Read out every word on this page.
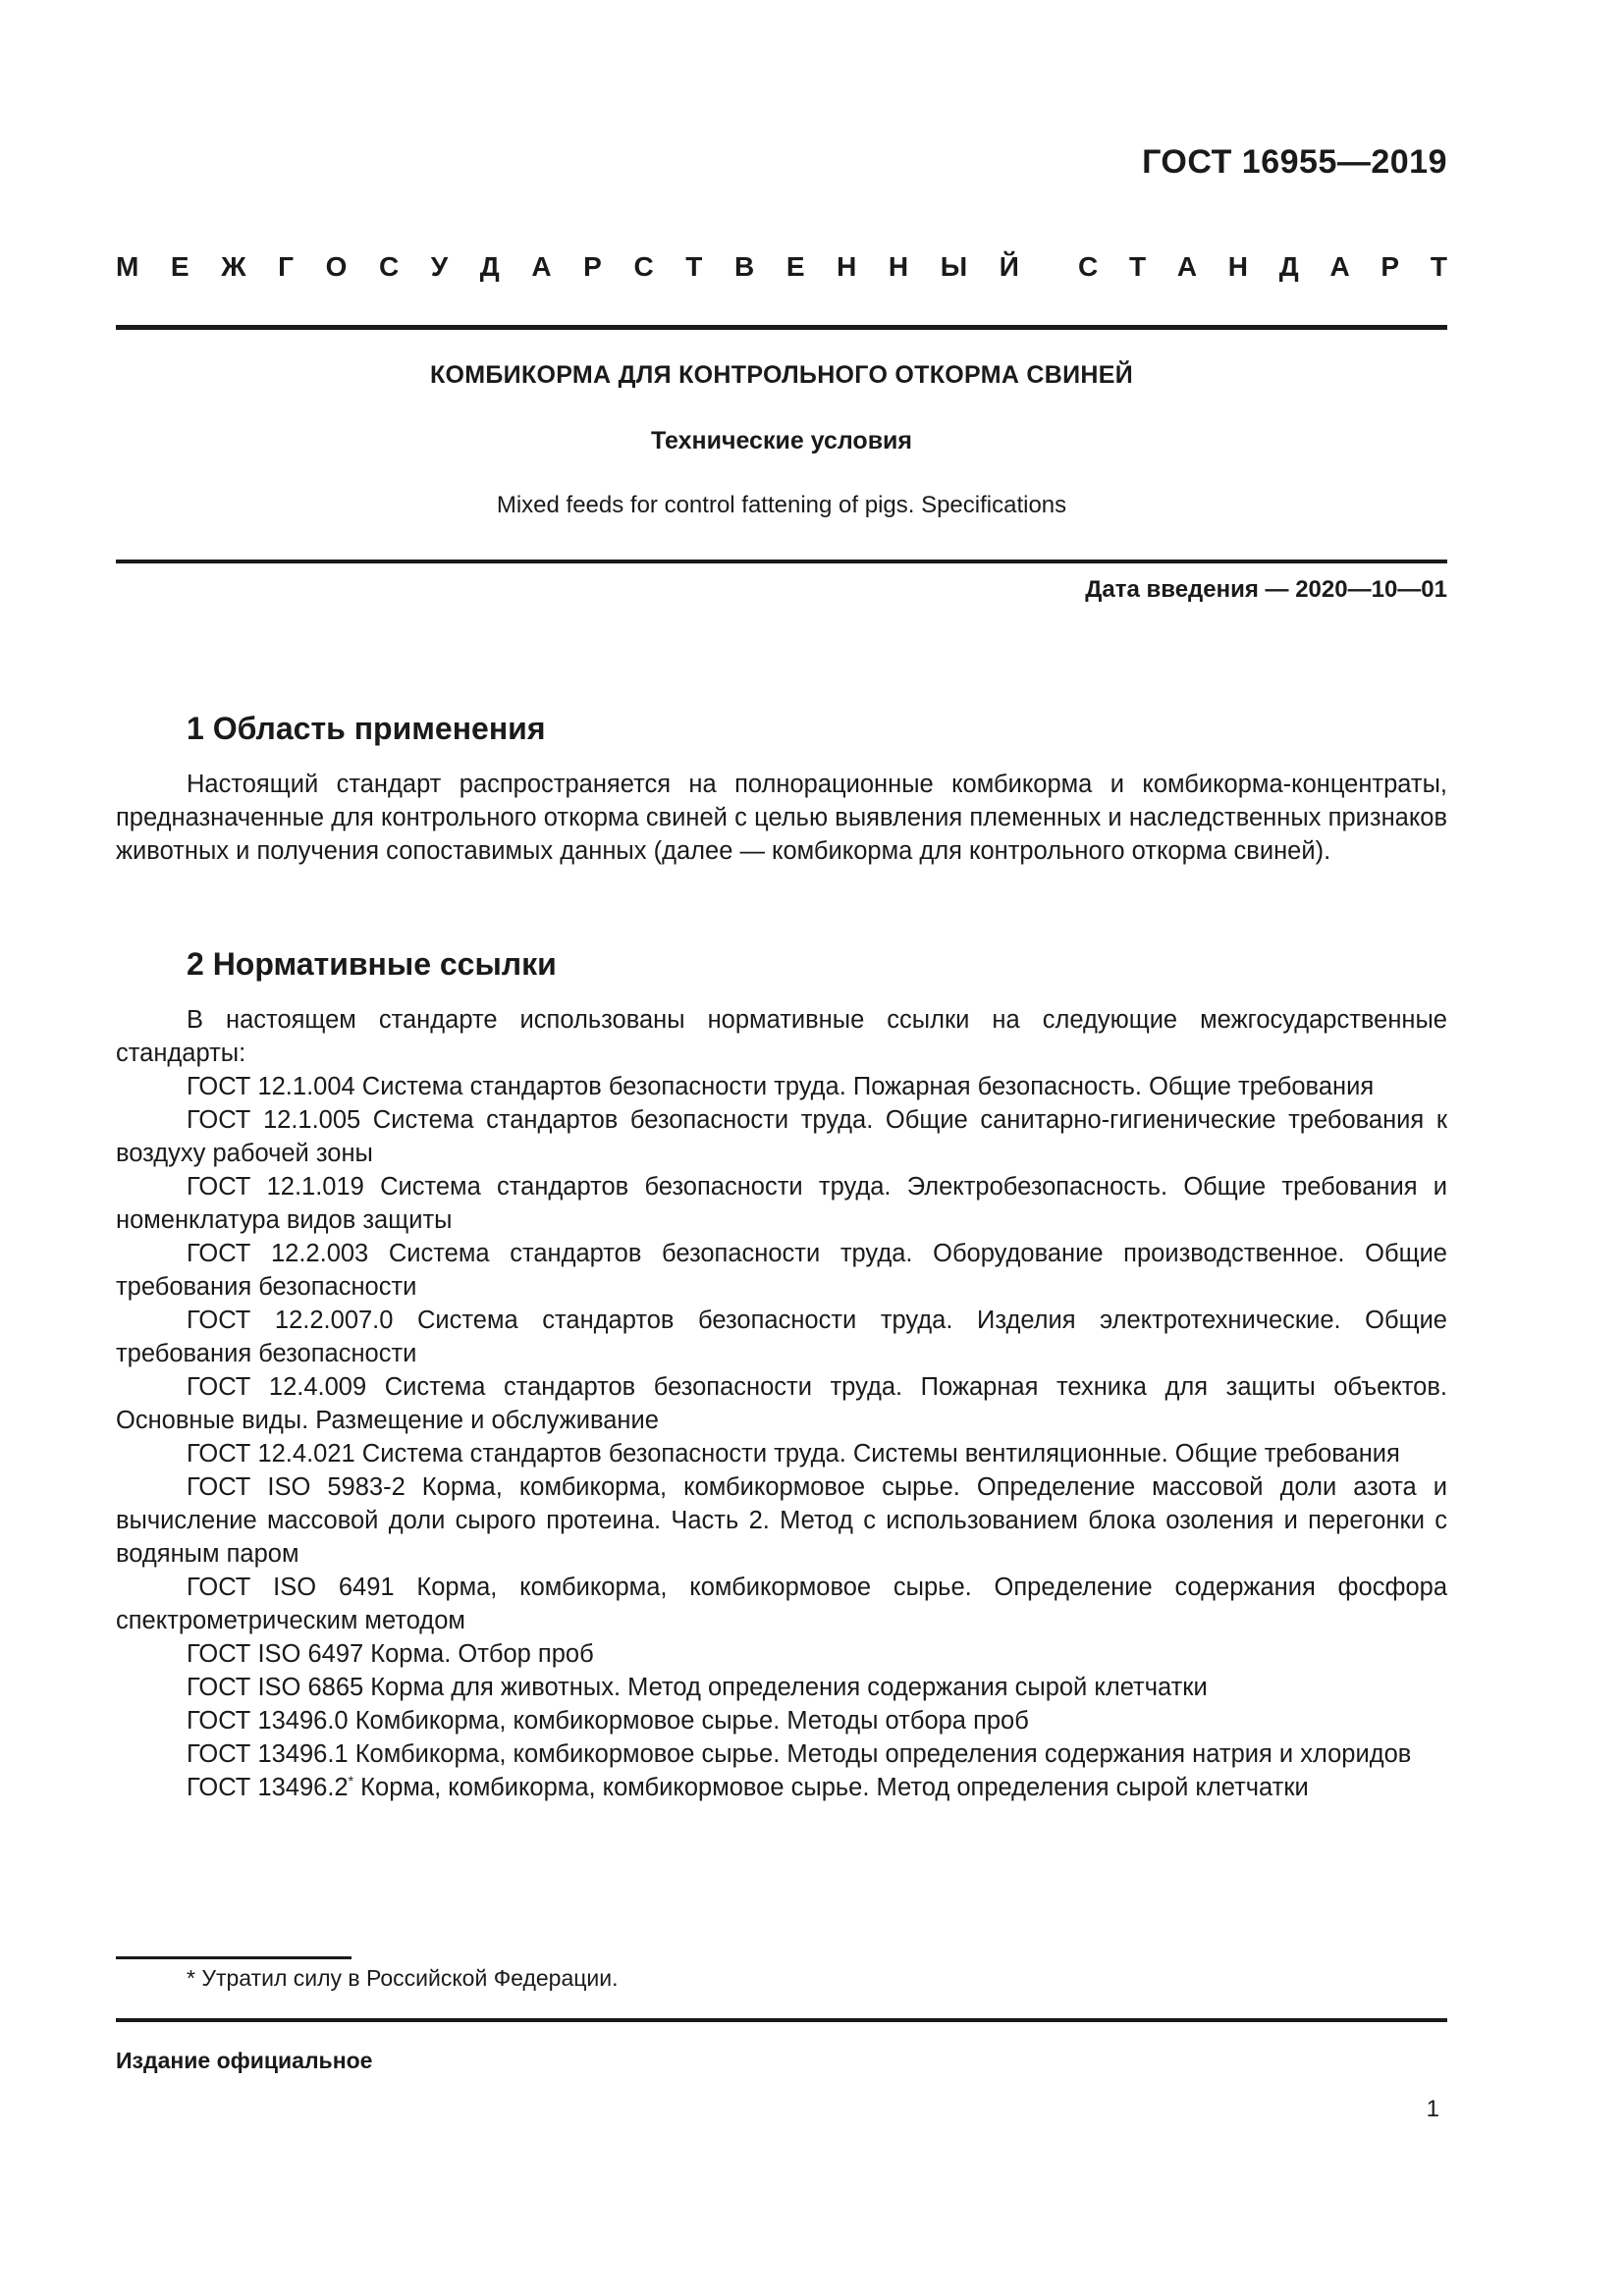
ГОСТ 16955—2019
М Е Ж Г О С У Д А Р С Т В Е Н Н Ы Й С Т А Н Д А Р Т
КОМБИКОРМА ДЛЯ КОНТРОЛЬНОГО ОТКОРМА СВИНЕЙ
Технические условия
Mixed feeds for control fattening of pigs. Specifications
Дата введения — 2020—10—01

1 Область применения

Настоящий стандарт распространяется на полнорационные комбикорма и комбикорма-концентраты, предназначенные для контрольного откорма свиней с целью выявления племенных и наследственных признаков животных и получения сопоставимых данных (далее — комбикорма для контрольного откорма свиней).

2 Нормативные ссылки

В настоящем стандарте использованы нормативные ссылки на следующие межгосударственные стандарты:

ГОСТ 12.1.004 Система стандартов безопасности труда. Пожарная безопасность. Общие требования

ГОСТ 12.1.005 Система стандартов безопасности труда. Общие санитарно-гигиенические требования к воздуху рабочей зоны

ГОСТ 12.1.019 Система стандартов безопасности труда. Электробезопасность. Общие требования и номенклатура видов защиты

ГОСТ 12.2.003 Система стандартов безопасности труда. Оборудование производственное. Общие требования безопасности

ГОСТ 12.2.007.0 Система стандартов безопасности труда. Изделия электротехнические. Общие требования безопасности

ГОСТ 12.4.009 Система стандартов безопасности труда. Пожарная техника для защиты объектов. Основные виды. Размещение и обслуживание

ГОСТ 12.4.021 Система стандартов безопасности труда. Системы вентиляционные. Общие требования

ГОСТ ISO 5983-2 Корма, комбикорма, комбикормовое сырье. Определение массовой доли азота и вычисление массовой доли сырого протеина. Часть 2. Метод с использованием блока озоления и перегонки с водяным паром

ГОСТ ISO 6491 Корма, комбикорма, комбикормовое сырье. Определение содержания фосфора спектрометрическим методом

ГОСТ ISO 6497 Корма. Отбор проб

ГОСТ ISO 6865 Корма для животных. Метод определения содержания сырой клетчатки

ГОСТ 13496.0 Комбикорма, комбикормовое сырье. Методы отбора проб

ГОСТ 13496.1 Комбикорма, комбикормовое сырье. Методы определения содержания натрия и хлоридов

ГОСТ 13496.2* Корма, комбикорма, комбикормовое сырье. Метод определения сырой клетчатки

* Утратил силу в Российской Федерации.
Издание официальное
1
